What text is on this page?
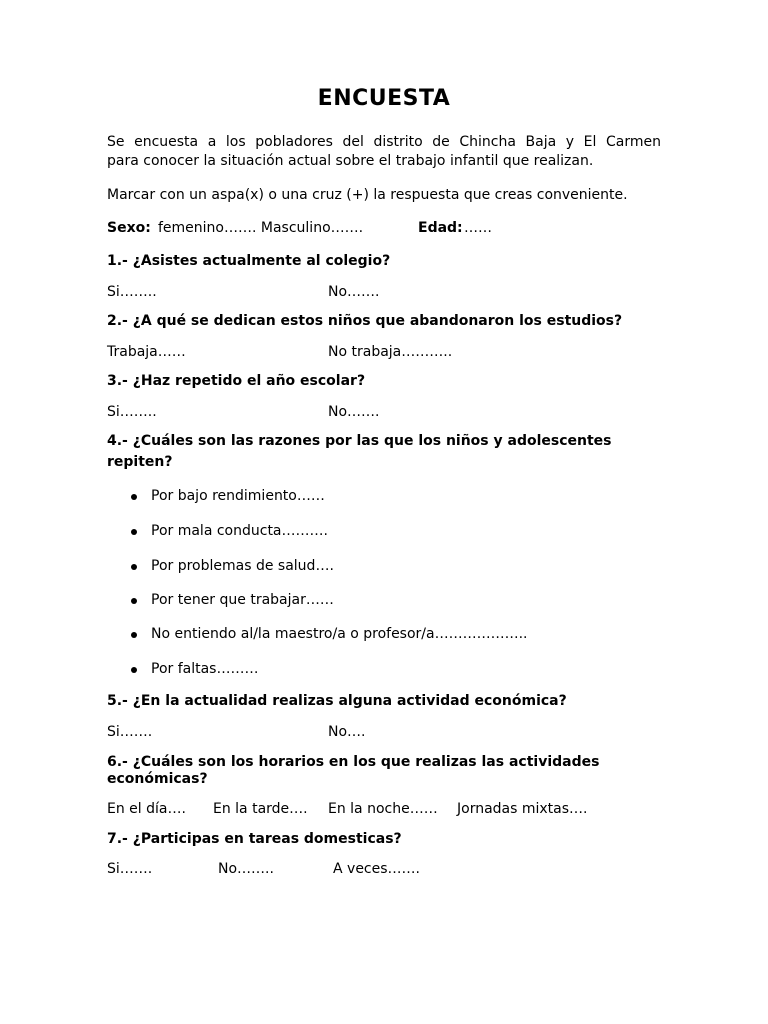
ENCUESTA
Se encuesta a los pobladores del distrito de Chincha Baja y El Carmen
para conocer la situación actual sobre el trabajo infantil que realizan.
Marcar con un aspa(x) o una cruz (+) la respuesta que creas conveniente.
Sexo: femenino……. Masculino…….	Edad: ……
1.- ¿Asistes actualmente al colegio?
Si……..	No…….
2.- ¿A qué se dedican estos niños que abandonaron los estudios?
Trabaja……	No trabaja………..
3.- ¿Haz repetido el año escolar?
Si……..	No…….
4.- ¿Cuáles son las razones por las que los niños y adolescentes
repiten?
Por bajo rendimiento……
Por mala conducta……….
Por problemas de salud….
Por tener que trabajar……
No entiendo al/la maestro/a o profesor/a………………..
Por faltas………
5.- ¿En la actualidad realizas alguna actividad económica?
Si…….	No….
6.- ¿Cuáles son los horarios en los que realizas las actividades
económicas?
En el día…. En la tarde…. En la noche…… Jornadas mixtas….
7.- ¿Participas en tareas domesticas?
Si…….	No……..	A veces…….
